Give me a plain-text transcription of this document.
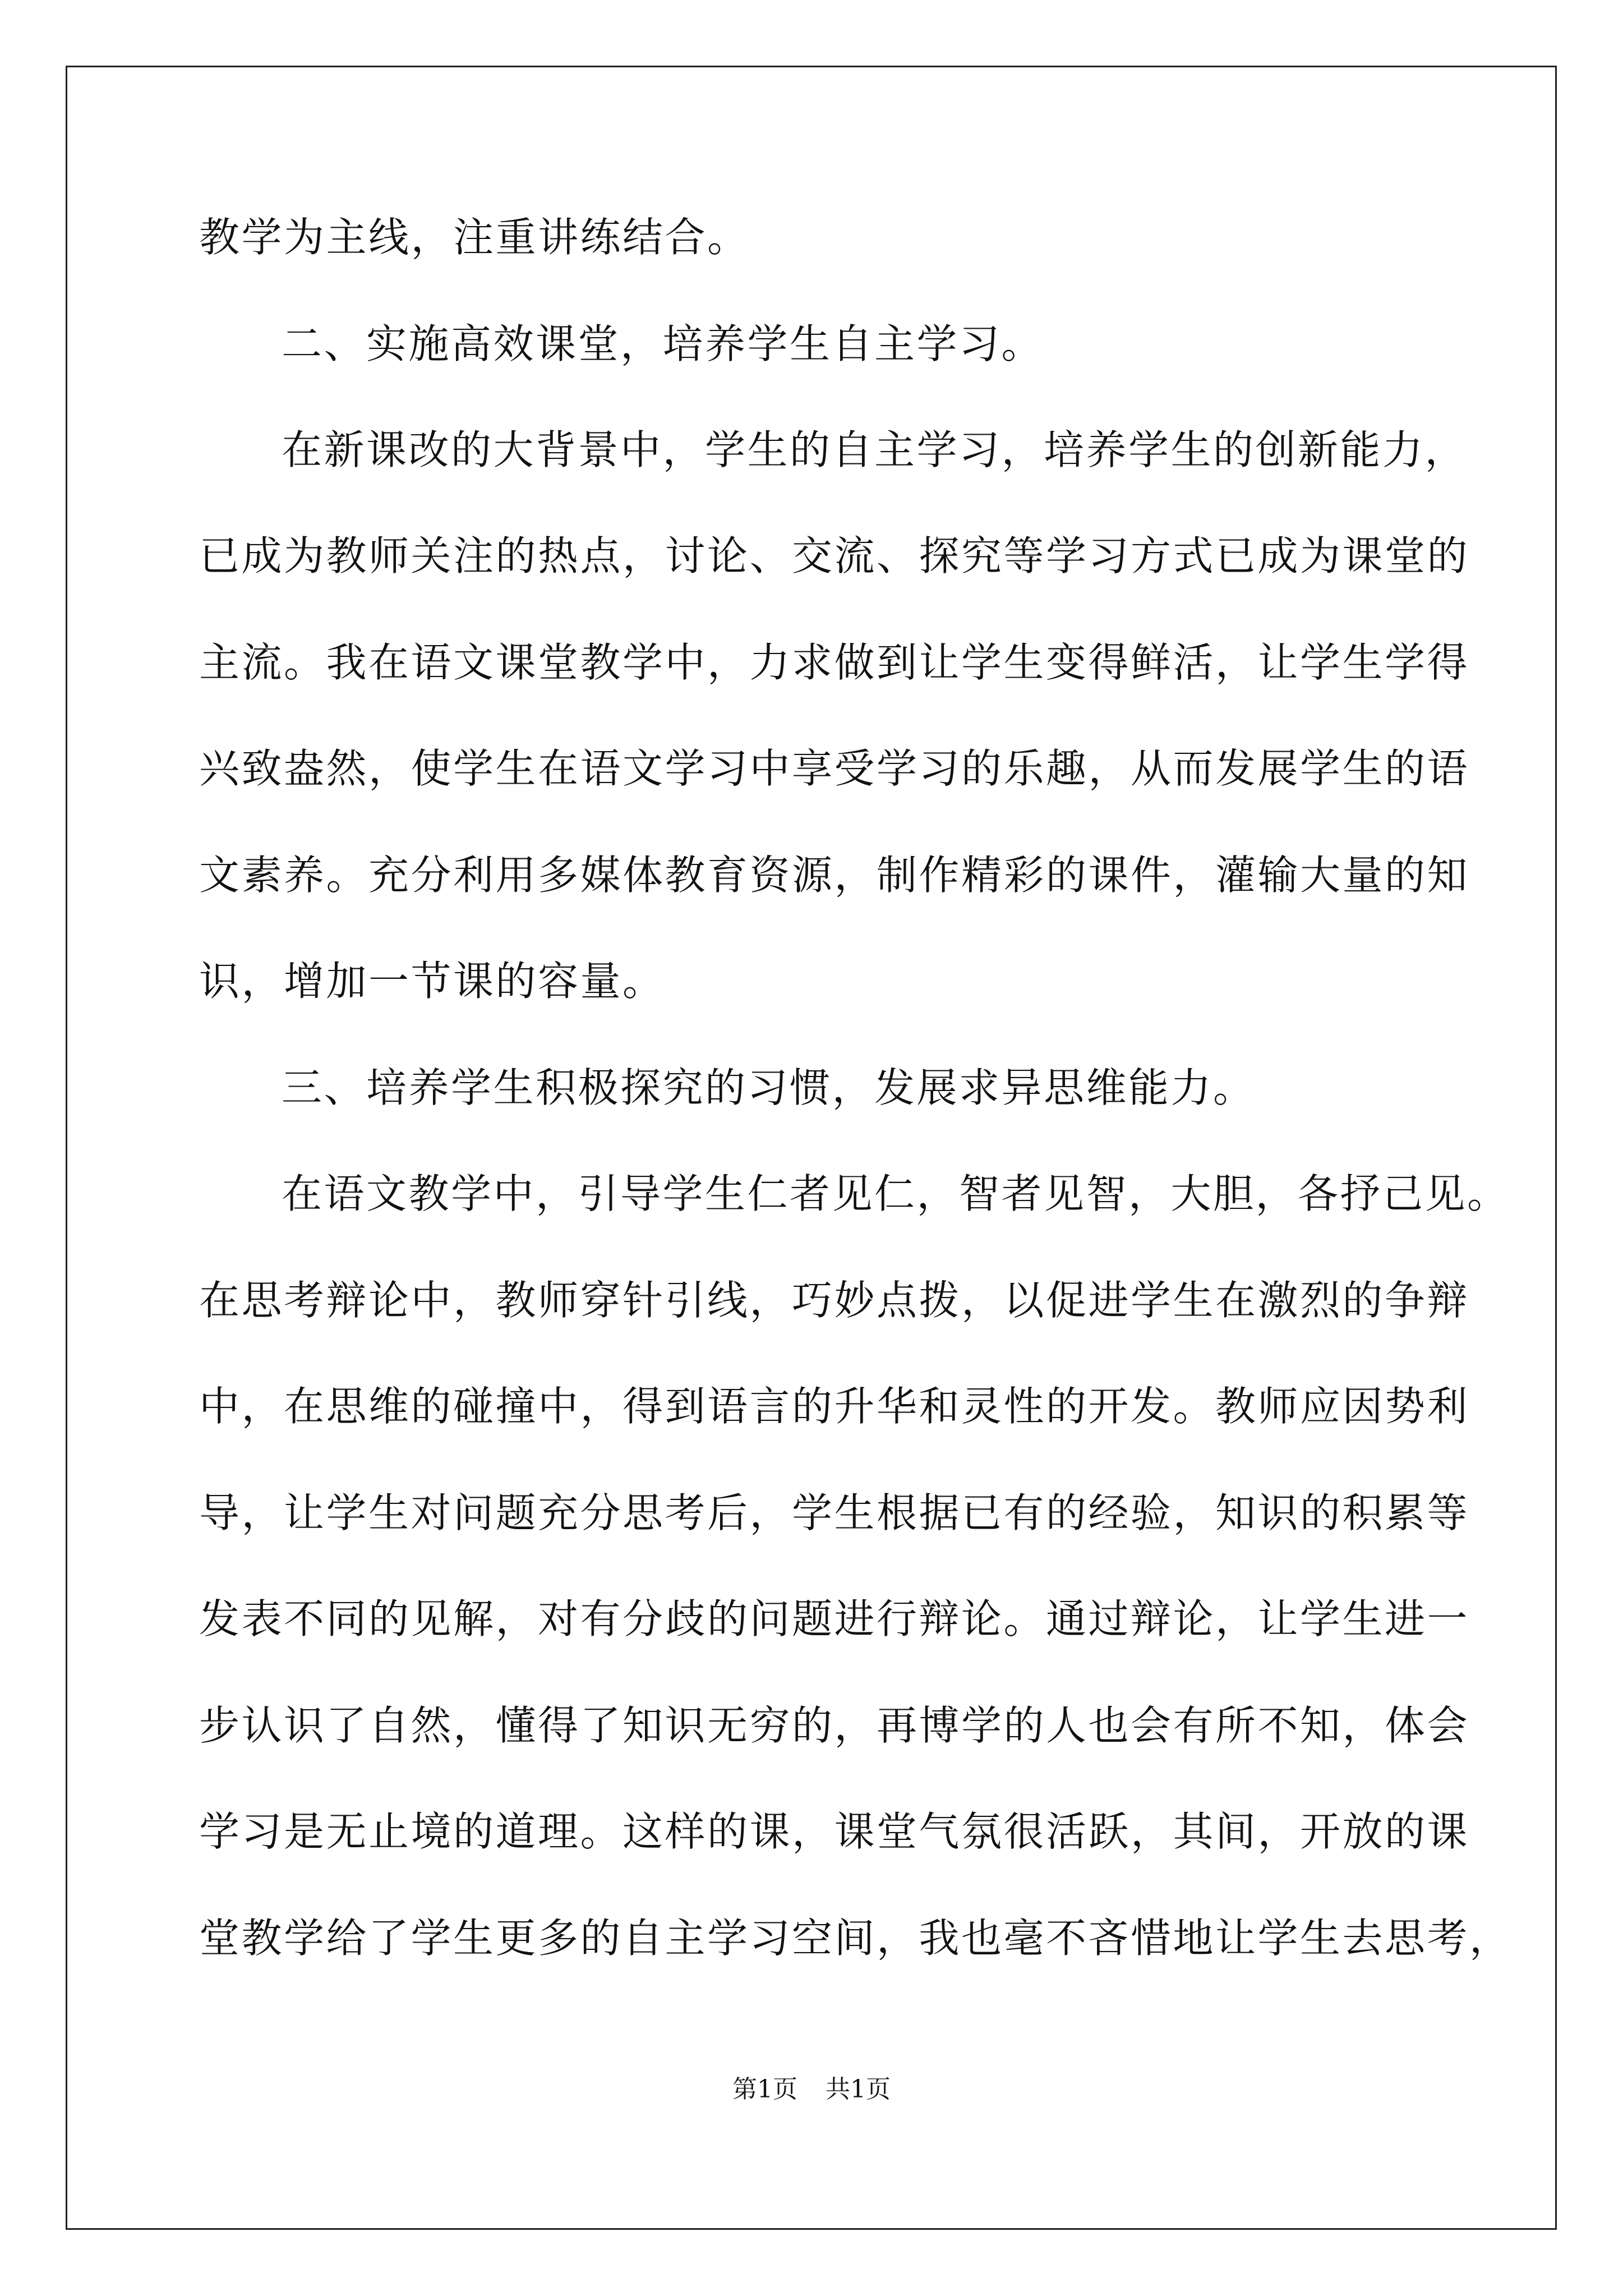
教学为主线，注重讲练结合。
二、实施高效课堂，培养学生自主学习。
在新课改的大背景中，学生的自主学习，培养学生的创新能力，
已成为教师关注的热点，讨论、交流、探究等学习方式已成为课堂的
主流。我在语文课堂教学中，力求做到让学生变得鲜活，让学生学得
兴致盎然，使学生在语文学习中享受学习的乐趣，从而发展学生的语
文素养。充分利用多媒体教育资源，制作精彩的课件，灌输大量的知
识，增加一节课的容量。
三、培养学生积极探究的习惯，发展求异思维能力。
在语文教学中，引导学生仁者见仁，智者见智，大胆，各抒己见。
在思考辩论中，教师穿针引线，巧妙点拨，以促进学生在激烈的争辩
中，在思维的碰撞中，得到语言的升华和灵性的开发。教师应因势利
导，让学生对问题充分思考后，学生根据已有的经验，知识的积累等
发表不同的见解，对有分歧的问题进行辩论。通过辩论，让学生进一
步认识了自然，懂得了知识无穷的，再博学的人也会有所不知，体会
学习是无止境的道理。这样的课，课堂气氛很活跃，其间，开放的课
堂教学给了学生更多的自主学习空间，我也毫不吝惜地让学生去思考，
第1页 共1页
